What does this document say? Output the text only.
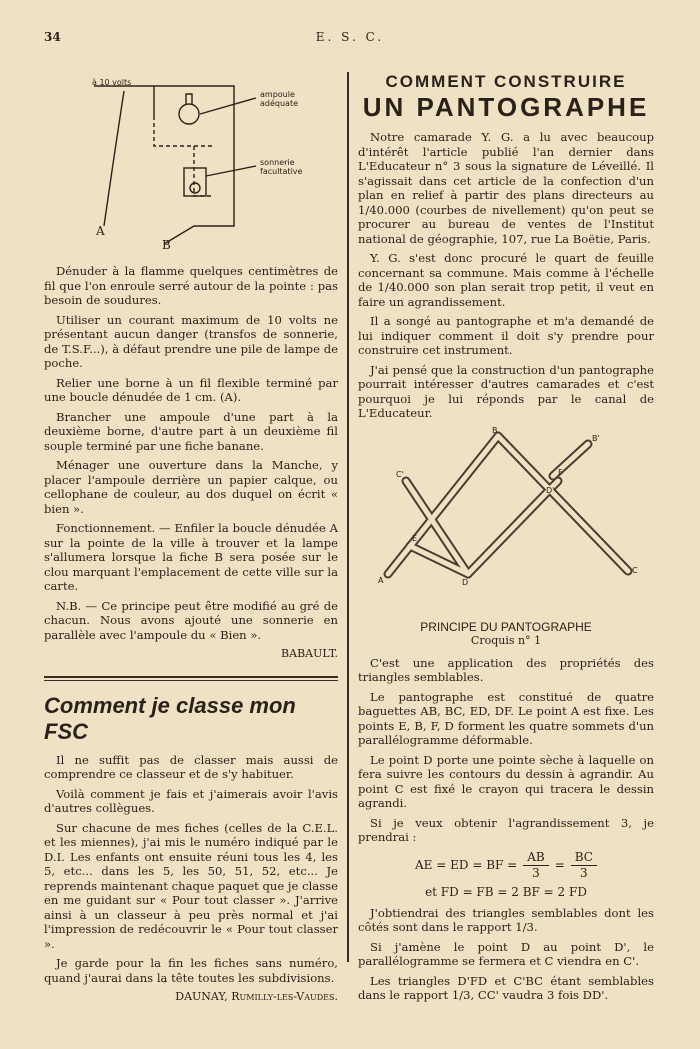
34	E. S. C.
à 10 volts
ampoule adéquate
sonnerie facultative
A
B

Dénuder à la flamme quelques centimètres de fil que l'on enroule serré autour de la pointe : pas besoin de soudures.

Utiliser un courant maximum de 10 volts ne présentant aucun danger (transfos de sonnerie, de T.S.F...), à défaut prendre une pile de lampe de poche.

Relier une borne à un fil flexible terminé par une boucle dénudée de 1 cm. (A).

Brancher une ampoule d'une part à la deuxième borne, d'autre part à un deuxième fil souple terminé par une fiche banane.

Ménager une ouverture dans la Manche, y placer l'ampoule derrière un papier calque, ou cellophane de couleur, au dos duquel on écrit « bien ».

Fonctionnement. — Enfiler la boucle dénudée A sur la pointe de la ville à trouver et la lampe s'allumera lorsque la fiche B sera posée sur le clou marquant l'emplacement de cette ville sur la carte.

N.B. — Ce principe peut être modifié au gré de chacun. Nous avons ajouté une sonnerie en parallèle avec l'ampoule du « Bien ».

BABAULT.

Comment je classe mon FSC

Il ne suffit pas de classer mais aussi de comprendre ce classeur et de s'y habituer.

Voilà comment je fais et j'aimerais avoir l'avis d'autres collègues.

Sur chacune de mes fiches (celles de la C.E.L. et les miennes), j'ai mis le numéro indiqué par le D.I. Les enfants ont ensuite réuni tous les 4, les 5, etc... dans les 5, les 50, 51, 52, etc... Je reprends maintenant chaque paquet que je classe en me guidant sur « Pour tout classer ». J'arrive ainsi à un classeur à peu près normal et j'ai l'impression de redécouvrir le « Pour tout classer ».

Je garde pour la fin les fiches sans numéro, quand j'aurai dans la tête toutes les subdivisions.

DAUNAY, Rumilly-les-Vaudes.

COMMENT CONSTRUIRE
UN PANTOGRAPHE

Notre camarade Y. G. a lu avec beaucoup d'intérêt l'article publié l'an dernier dans L'Educateur n° 3 sous la signature de Léveillé. Il s'agissait dans cet article de la confection d'un plan en relief à partir des plans directeurs au 1/40.000 (courbes de nivellement) qu'on peut se procurer au bureau de ventes de l'Institut national de géographie, 107, rue La Boëtie, Paris.

Y. G. s'est donc procuré le quart de feuille concernant sa commune. Mais comme à l'échelle de 1/40.000 son plan serait trop petit, il veut en faire un agrandissement.

Il a songé au pantographe et m'a demandé de lui indiquer comment il doit s'y prendre pour construire cet instrument.

J'ai pensé que la construction d'un pantographe pourrait intéresser d'autres camarades et c'est pourquoi je lui réponds par le canal de L'Educateur.

A
B
C
D
E
F
B'
C'
D'
PRINCIPE DU PANTOGRAPHE
Croquis n° 1

C'est une application des propriétés des triangles semblables.

Le pantographe est constitué de quatre baguettes AB, BC, ED, DF. Le point A est fixe. Les points E, B, F, D forment les quatre sommets d'un parallélogramme déformable.

Le point D porte une pointe sèche à laquelle on fera suivre les contours du dessin à agrandir. Au point C est fixé le crayon qui tracera le dessin agrandi.

Si je veux obtenir l'agrandissement 3, je prendrai :

AE = ED = BF = $\frac{AB}{3} = \frac{BC}{3}$
et FD = FB = 2 BF = 2 FD

J'obtiendrai des triangles semblables dont les côtés sont dans le rapport 1/3.

Si j'amène le point D au point D', le parallélogramme se fermera et C viendra en C'.

Les triangles D'FD et C'BC étant semblables dans le rapport 1/3, CC' vaudra 3 fois DD'.
